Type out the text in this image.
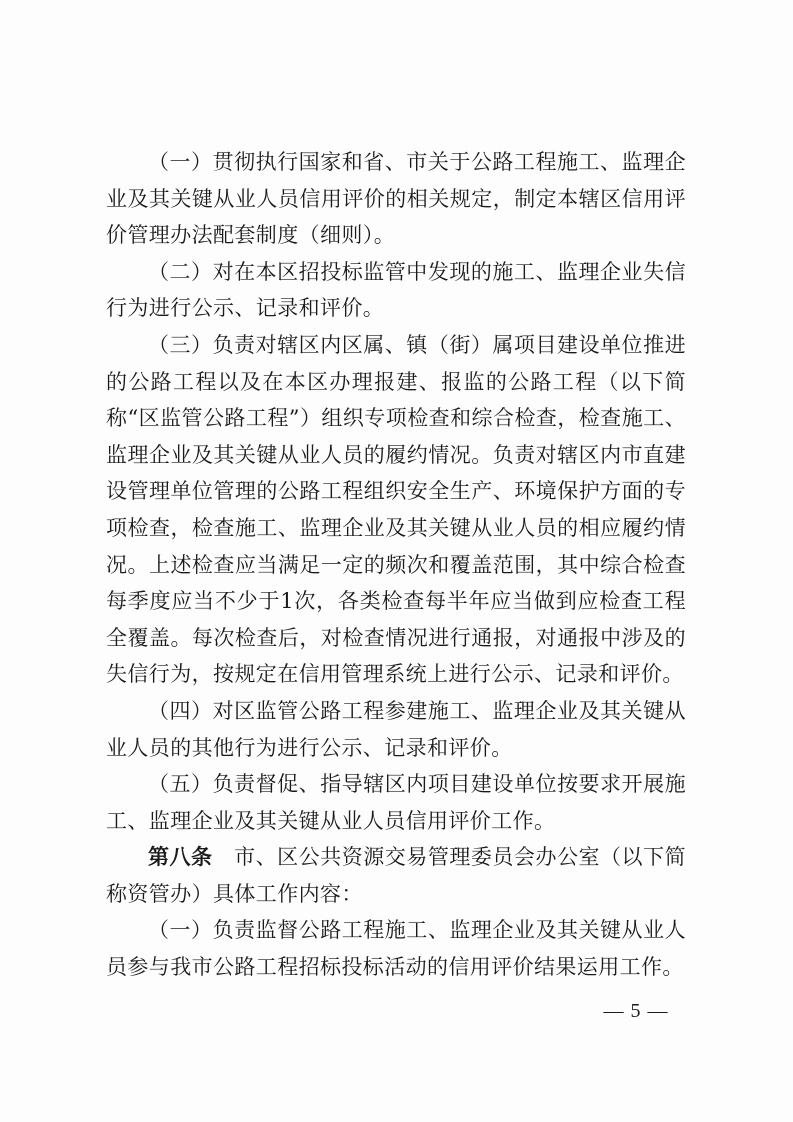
（一）贯彻执行国家和省、市关于公路工程施工、监理企业及其关键从业人员信用评价的相关规定，制定本辖区信用评价管理办法配套制度（细则）。

（二）对在本区招投标监管中发现的施工、监理企业失信行为进行公示、记录和评价。

（三）负责对辖区内区属、镇（街）属项目建设单位推进的公路工程以及在本区办理报建、报监的公路工程（以下简称“区监管公路工程”）组织专项检查和综合检查，检查施工、监理企业及其关键从业人员的履约情况。负责对辖区内市直建设管理单位管理的公路工程组织安全生产、环境保护方面的专项检查，检查施工、监理企业及其关键从业人员的相应履约情况。上述检查应当满足一定的频次和覆盖范围，其中综合检查每季度应当不少于1次，各类检查每半年应当做到应检查工程全覆盖。每次检查后，对检查情况进行通报，对通报中涉及的失信行为，按规定在信用管理系统上进行公示、记录和评价。

（四）对区监管公路工程参建施工、监理企业及其关键从业人员的其他行为进行公示、记录和评价。

（五）负责督促、指导辖区内项目建设单位按要求开展施工、监理企业及其关键从业人员信用评价工作。

第八条　市、区公共资源交易管理委员会办公室（以下简称资管办）具体工作内容：

（一）负责监督公路工程施工、监理企业及其关键从业人员参与我市公路工程招标投标活动的信用评价结果运用工作。

— 5 —
